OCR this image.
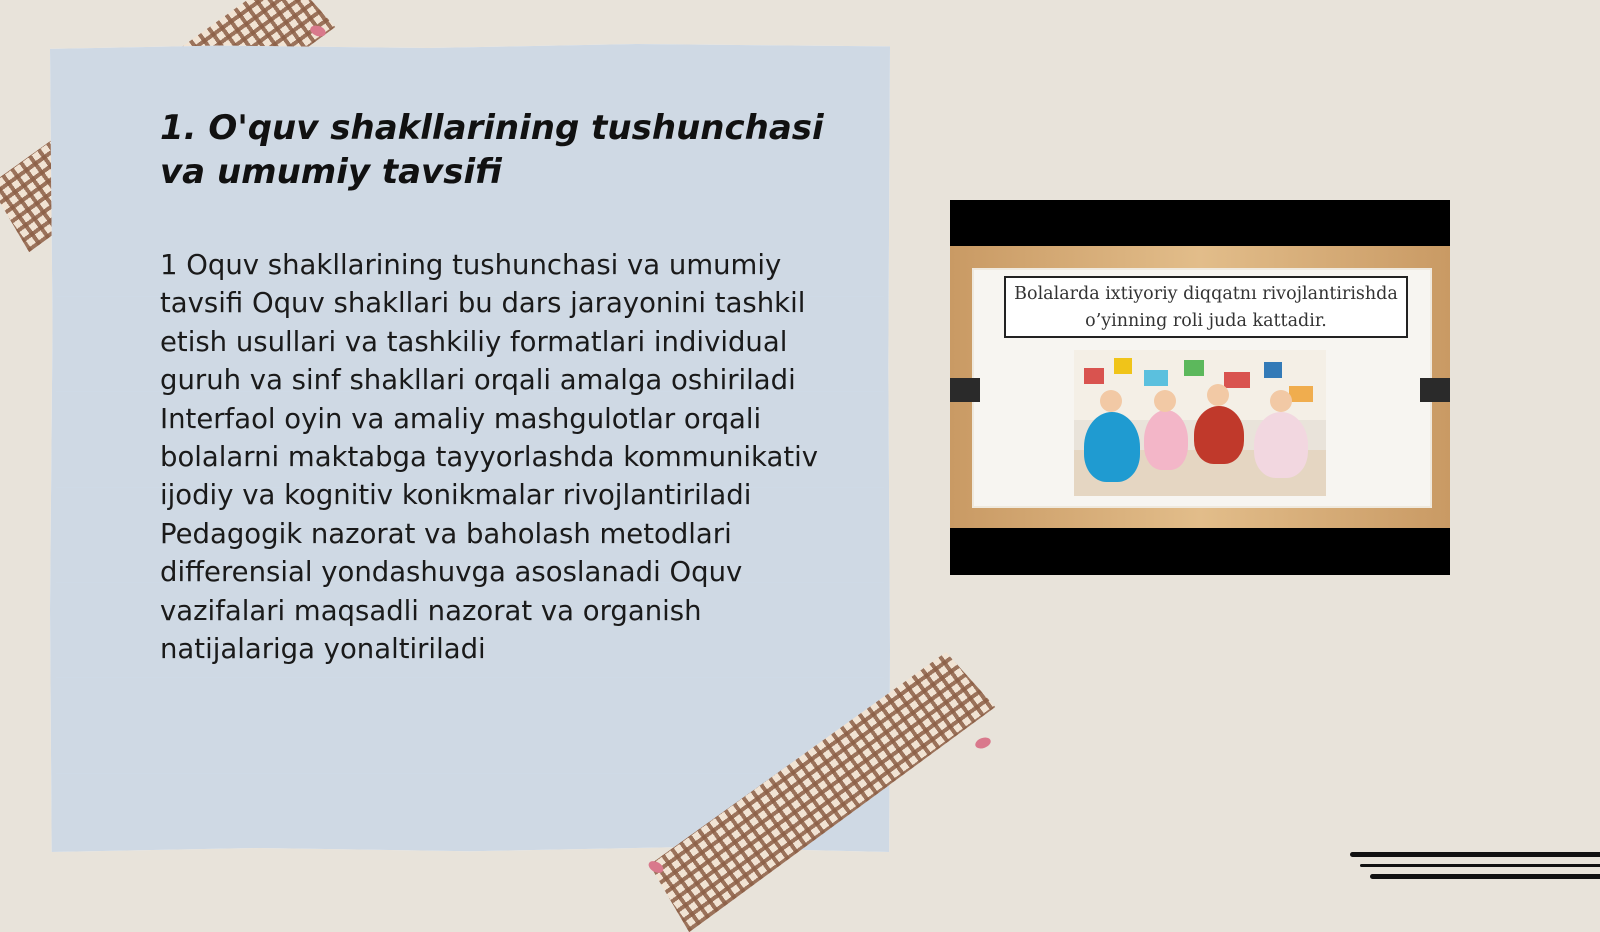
1. O'quv shakllarining tushunchasi va umumiy tavsifi

1 Oquv shakllarining tushunchasi va umumiy tavsifi Oquv shakllari bu dars jarayonini tashkil etish usullari va tashkiliy formatlari individual guruh va sinf shakllari orqali amalga oshiriladi Interfaol oyin va amaliy mashgulotlar orqali bolalarni maktabga tayyorlashda kommunikativ ijodiy va kognitiv konikmalar rivojlantiriladi Pedagogik nazorat va baholash metodlari differensial yondashuvga asoslanadi Oquv vazifalari maqsadli nazorat va organish natijalariga yonaltiriladi

Bolalarda ixtiyoriy diqqatnı rivojlantirishda
o’yinning roli juda kattadir.
